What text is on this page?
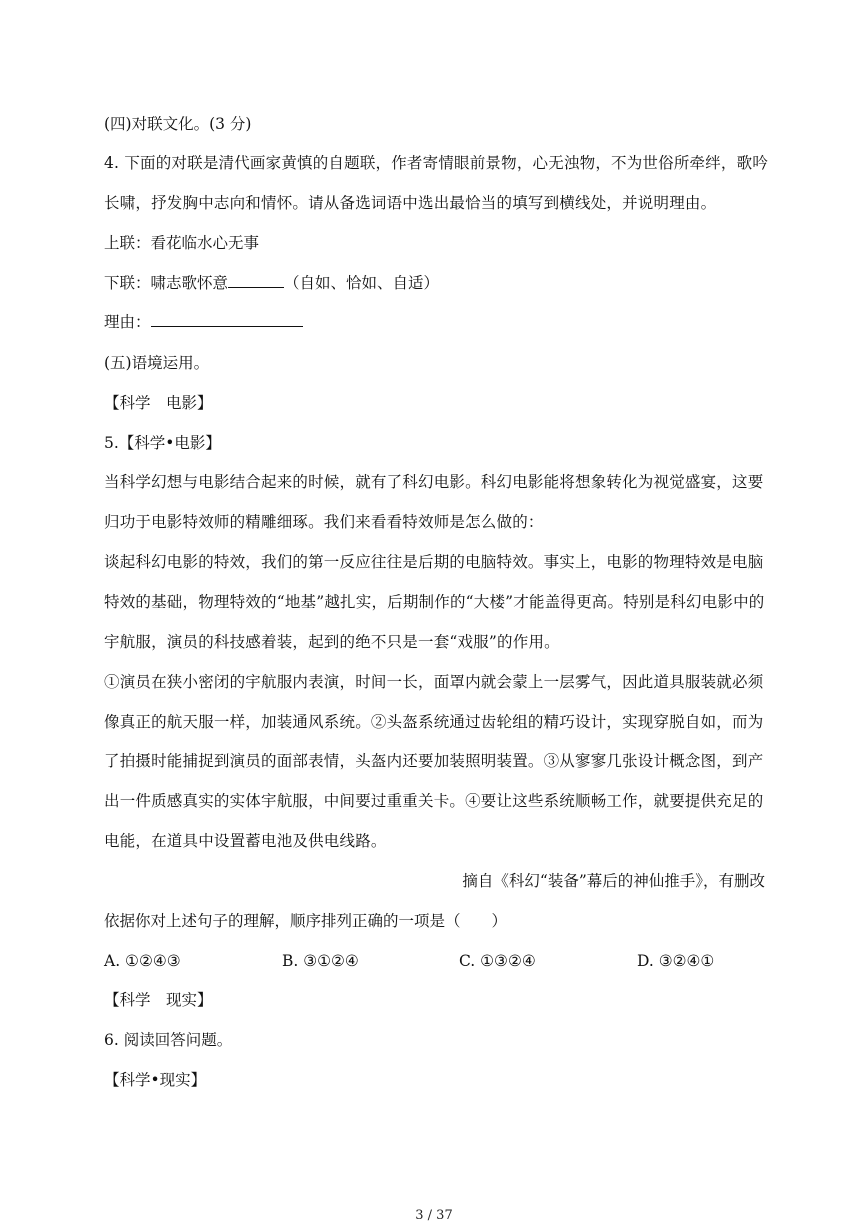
(四)对联文化。(3 分)
4. 下面的对联是清代画家黄慎的自题联，作者寄情眼前景物，心无浊物，不为世俗所牵绊，歌吟
长啸，抒发胸中志向和情怀。请从备选词语中选出最恰当的填写到横线处，并说明理由。
上联：看花临水心无事
下联：啸志歌怀意	（自如、恰如、自适）
理由：
(五)语境运用。
【科学　电影】
5.【科学•电影】
当科学幻想与电影结合起来的时候，就有了科幻电影。科幻电影能将想象转化为视觉盛宴，这要
归功于电影特效师的精雕细琢。我们来看看特效师是怎么做的：
谈起科幻电影的特效，我们的第一反应往往是后期的电脑特效。事实上，电影的物理特效是电脑
特效的基础，物理特效的“地基”越扎实，后期制作的“大楼”才能盖得更高。特别是科幻电影中的
宇航服，演员的科技感着装，起到的绝不只是一套“戏服”的作用。
①演员在狭小密闭的宇航服内表演，时间一长，面罩内就会蒙上一层雾气，因此道具服装就必须
像真正的航天服一样，加装通风系统。②头盔系统通过齿轮组的精巧设计，实现穿脱自如，而为
了拍摄时能捕捉到演员的面部表情，头盔内还要加装照明装置。③从寥寥几张设计概念图，到产
出一件质感真实的实体宇航服，中间要过重重关卡。④要让这些系统顺畅工作，就要提供充足的
电能，在道具中设置蓄电池及供电线路。
摘自《科幻“装备”幕后的神仙推手》，有删改
依据你对上述句子的理解，顺序排列正确的一项是（　　）
A. ①②④③	B. ③①②④	C. ①③②④	D. ③②④①
【科学　现实】
6. 阅读回答问题。
【科学•现实】
3 / 37
